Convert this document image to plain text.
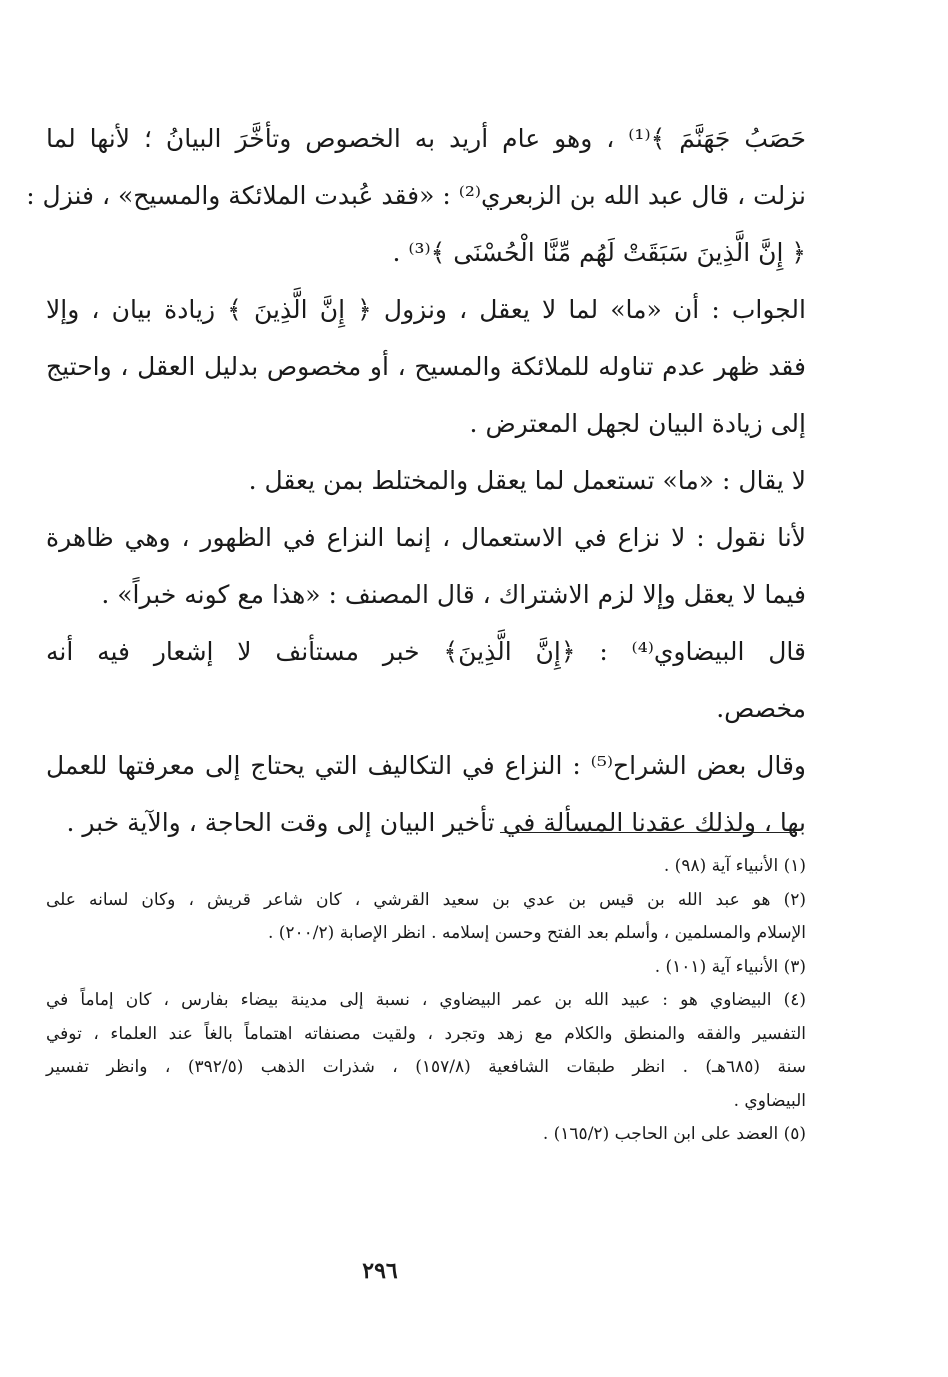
حَصَبُ جَهَنَّمَ ﴾⁽¹⁾ ، وهو عام أريد به الخصوص وتأخَّرَ البيانُ ؛ لأنها لما
نزلت ، قال عبد الله بن الزبعري⁽²⁾ : «فقد عُبدت الملائكة والمسيح» ، فنزل :
﴿ إِنَّ الَّذِينَ سَبَقَتْ لَهُم مِّنَّا الْحُسْنَى ﴾⁽³⁾ .
الجواب : أن «ما» لما لا يعقل ، ونزول ﴿ إِنَّ الَّذِينَ ﴾ زيادة بيان ، وإلا
فقد ظهر عدم تناوله للملائكة والمسيح ، أو مخصوص بدليل العقل ، واحتيج
إلى زيادة البيان لجهل المعترض .
لا يقال : «ما» تستعمل لما يعقل والمختلط بمن يعقل .
لأنا نقول : لا نزاع في الاستعمال ، إنما النزاع في الظهور ، وهي ظاهرة
فيما لا يعقل وإلا لزم الاشتراك ، قال المصنف : «هذا مع كونه خبراً» .
قال البيضاوي⁽⁴⁾ : ﴿إِنَّ الَّذِينَ﴾ خبر مستأنف لا إشعار فيه أنه
مخصص.
وقال بعض الشراح⁽⁵⁾ : النزاع في التكاليف التي يحتاج إلى معرفتها للعمل
بها ، ولذلك عقدنا المسألة في تأخير البيان إلى وقت الحاجة ، والآية خبر .
(١) الأنبياء آية (٩٨) .
(٢) هو عبد الله بن قيس بن عدي بن سعيد القرشي ، كان شاعر قريش ، وكان لسانه على
الإسلام والمسلمين ، وأسلم بعد الفتح وحسن إسلامه . انظر الإصابة (٢٠٠/٢) .
(٣) الأنبياء آية (١٠١) .
(٤) البيضاوي هو : عبيد الله بن عمر البيضاوي ، نسبة إلى مدينة بيضاء بفارس ، كان إماماً في
التفسير والفقه والمنطق والكلام مع زهد وتجرد ، ولقيت مصنفاته اهتماماً بالغاً عند العلماء ، توفي
سنة (٦٨٥هـ) . انظر طبقات الشافعية (١٥٧/٨) ، شذرات الذهب (٣٩٢/٥) ، وانظر تفسير
البيضاوي .
(٥) العضد على ابن الحاجب (١٦٥/٢) .
٢٩٦
